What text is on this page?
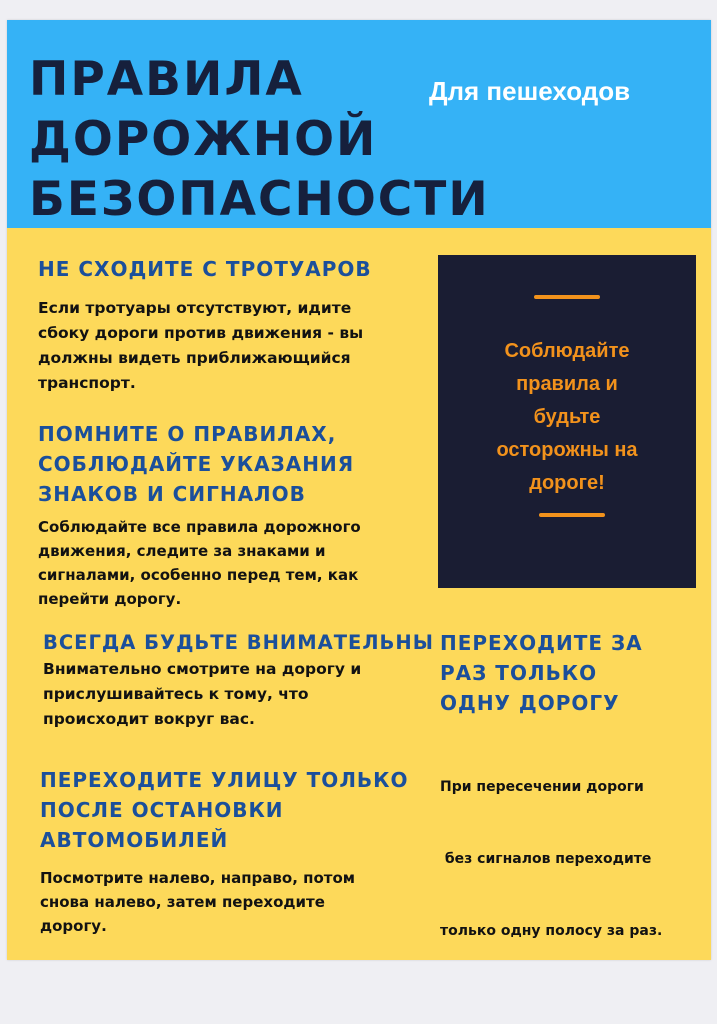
ПРАВИЛА
ДОРОЖНОЙ
БЕЗОПАСНОСТИ
Для пешеходов
НЕ СХОДИТЕ С ТРОТУАРОВ
Если тротуары отсутствуют, идите
сбоку дороги против движения - вы
должны видеть приближающийся
транспорт.
ПОМНИТЕ О ПРАВИЛАХ,
СОБЛЮДАЙТЕ УКАЗАНИЯ
ЗНАКОВ И СИГНАЛОВ
Соблюдайте все правила дорожного
движения, следите за знаками и
сигналами, особенно перед тем, как
перейти дорогу.
Соблюдайте
правила и
будьте
осторожны на
дороге!
ВСЕГДА БУДЬТЕ ВНИМАТЕЛЬНЫ
Внимательно смотрите на дорогу и
прислушивайтесь к тому, что
происходит вокруг вас.
ПЕРЕХОДИТЕ УЛИЦУ ТОЛЬКО
ПОСЛЕ ОСТАНОВКИ
АВТОМОБИЛЕЙ
Посмотрите налево, направо, потом
снова налево, затем переходите
дорогу.
ПЕРЕХОДИТЕ ЗА
РАЗ ТОЛЬКО
ОДНУ ДОРОГУ

При пересечении дороги

без сигналов переходите

только одну полосу за раз.
